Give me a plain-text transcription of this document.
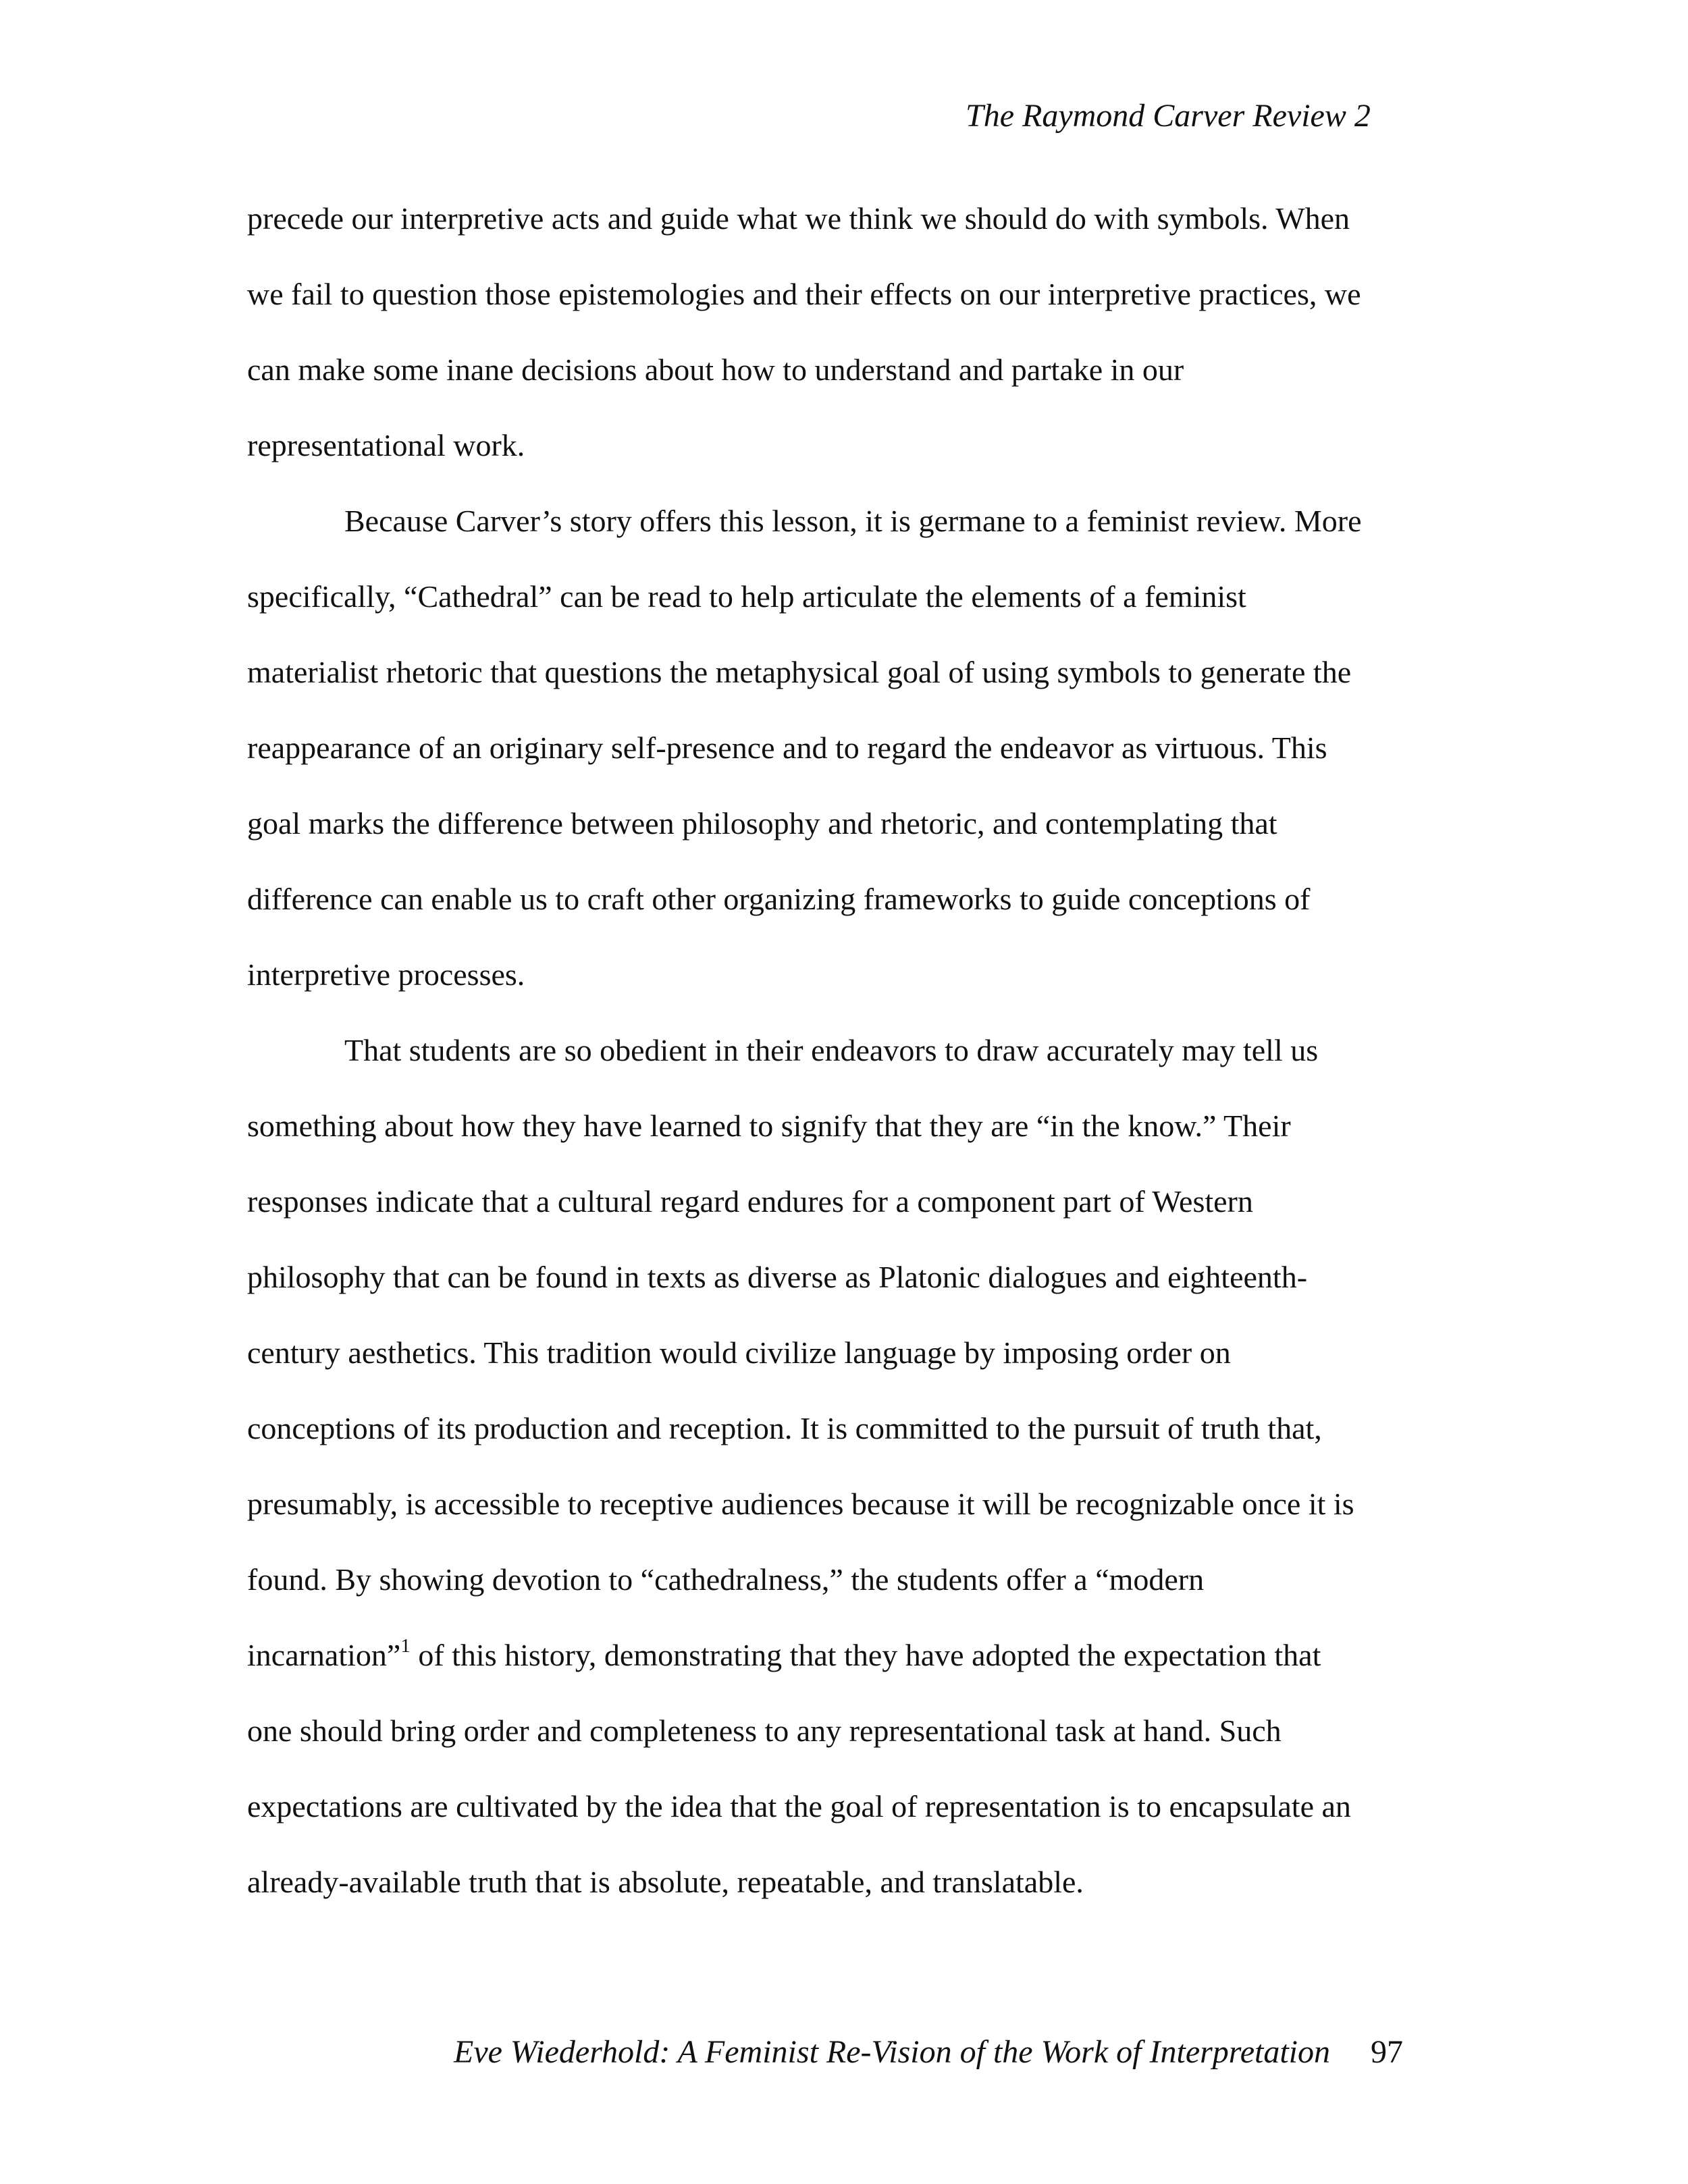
The Raymond Carver Review 2
precede our interpretive acts and guide what we think we should do with symbols. When
we fail to question those epistemologies and their effects on our interpretive practices, we
can make some inane decisions about how to understand and partake in our
representational work.
Because Carver’s story offers this lesson, it is germane to a feminist review. More
specifically, “Cathedral” can be read to help articulate the elements of a feminist
materialist rhetoric that questions the metaphysical goal of using symbols to generate the
reappearance of an originary self-presence and to regard the endeavor as virtuous. This
goal marks the difference between philosophy and rhetoric, and contemplating that
difference can enable us to craft other organizing frameworks to guide conceptions of
interpretive processes.
That students are so obedient in their endeavors to draw accurately may tell us
something about how they have learned to signify that they are “in the know.” Their
responses indicate that a cultural regard endures for a component part of Western
philosophy that can be found in texts as diverse as Platonic dialogues and eighteenth-
century aesthetics. This tradition would civilize language by imposing order on
conceptions of its production and reception. It is committed to the pursuit of truth that,
presumably, is accessible to receptive audiences because it will be recognizable once it is
found. By showing devotion to “cathedralness,” the students offer a “modern
incarnation”$^1$ of this history, demonstrating that they have adopted the expectation that
one should bring order and completeness to any representational task at hand. Such
expectations are cultivated by the idea that the goal of representation is to encapsulate an
already-available truth that is absolute, repeatable, and translatable.
Eve Wiederhold: A Feminist Re-Vision of the Work of Interpretation 97
